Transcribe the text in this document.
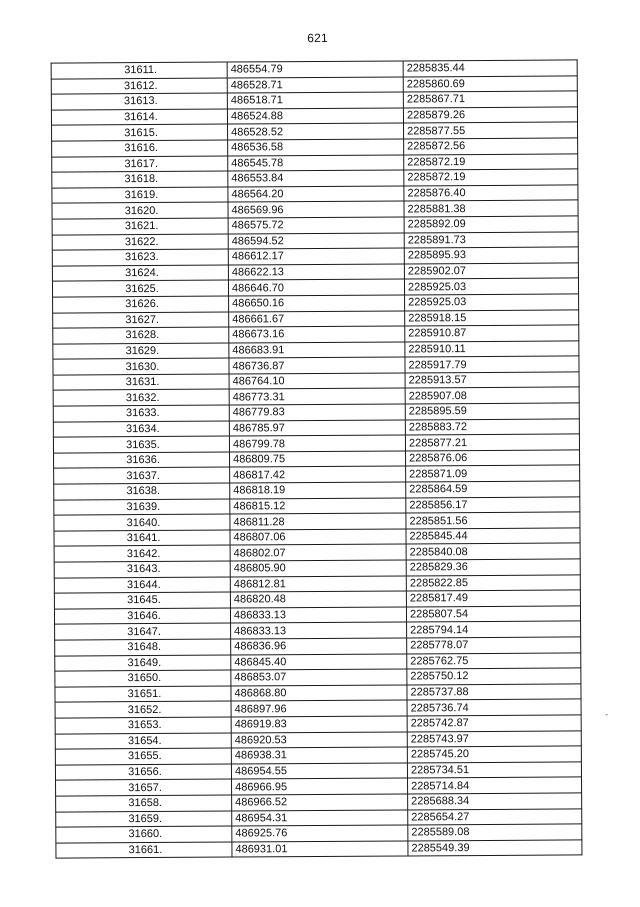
621
31611.	486554.79	2285835.44
31612.	486528.71	2285860.69
31613.	486518.71	2285867.71
31614.	486524.88	2285879.26
31615.	486528.52	2285877.55
31616.	486536.58	2285872.56
31617.	486545.78	2285872.19
31618.	486553.84	2285872.19
31619.	486564.20	2285876.40
31620.	486569.96	2285881.38
31621.	486575.72	2285892.09
31622.	486594.52	2285891.73
31623.	486612.17	2285895.93
31624.	486622.13	2285902.07
31625.	486646.70	2285925.03
31626.	486650.16	2285925.03
31627.	486661.67	2285918.15
31628.	486673.16	2285910.87
31629.	486683.91	2285910.11
31630.	486736.87	2285917.79
31631.	486764.10	2285913.57
31632.	486773.31	2285907.08
31633.	486779.83	2285895.59
31634.	486785.97	2285883.72
31635.	486799.78	2285877.21
31636.	486809.75	2285876.06
31637.	486817.42	2285871.09
31638.	486818.19	2285864.59
31639.	486815.12	2285856.17
31640.	486811.28	2285851.56
31641.	486807.06	2285845.44
31642.	486802.07	2285840.08
31643.	486805.90	2285829.36
31644.	486812.81	2285822.85
31645.	486820.48	2285817.49
31646.	486833.13	2285807.54
31647.	486833.13	2285794.14
31648.	486836.96	2285778.07
31649.	486845.40	2285762.75
31650.	486853.07	2285750.12
31651.	486868.80	2285737.88
31652.	486897.96	2285736.74
31653.	486919.83	2285742.87
31654.	486920.53	2285743.97
31655.	486938.31	2285745.20
31656.	486954.55	2285734.51
31657.	486966.95	2285714.84
31658.	486966.52	2285688.34
31659.	486954.31	2285654.27
31660.	486925.76	2285589.08
31661.	486931.01	2285549.39
